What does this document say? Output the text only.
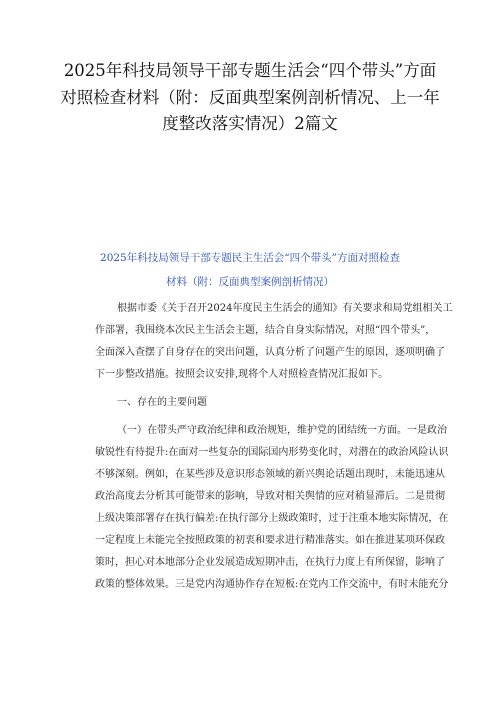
2025年科技局领导干部专题生活会“四个带头”方面
对照检查材料（附：反面典型案例剖析情况、上一年
度整改落实情况）2篇文
2025年科技局领导干部专题民主生活会“四个带头”方面对照检查
材料（附：反面典型案例剖析情况）
根据市委《关于召开2024年度民主生活会的通知》有关要求和局党组相关工
作部署，我围绕本次民主生活会主题，结合自身实际情况，对照“四个带头”，
全面深入查摆了自身存在的突出问题，认真分析了问题产生的原因，逐项明确了
下一步整改措施。按照会议安排,现将个人对照检查情况汇报如下。
一、存在的主要问题
（一）在带头严守政治纪律和政治规矩，维护党的团结统一方面。一是政治
敏锐性有待提升:在面对一些复杂的国际国内形势变化时，对潜在的政治风险认识
不够深刻。例如，在某些涉及意识形态领域的新兴舆论话题出现时，未能迅速从
政治高度去分析其可能带来的影响，导致对相关舆情的应对稍显滞后。二是贯彻
上级决策部署存在执行偏差:在执行部分上级政策时，过于注重本地实际情况，在
一定程度上未能完全按照政策的初衷和要求进行精准落实。如在推进某项环保政
策时，担心对本地部分企业发展造成短期冲击，在执行力度上有所保留，影响了
政策的整体效果。三是党内沟通协作存在短板:在党内工作交流中，有时未能充分
